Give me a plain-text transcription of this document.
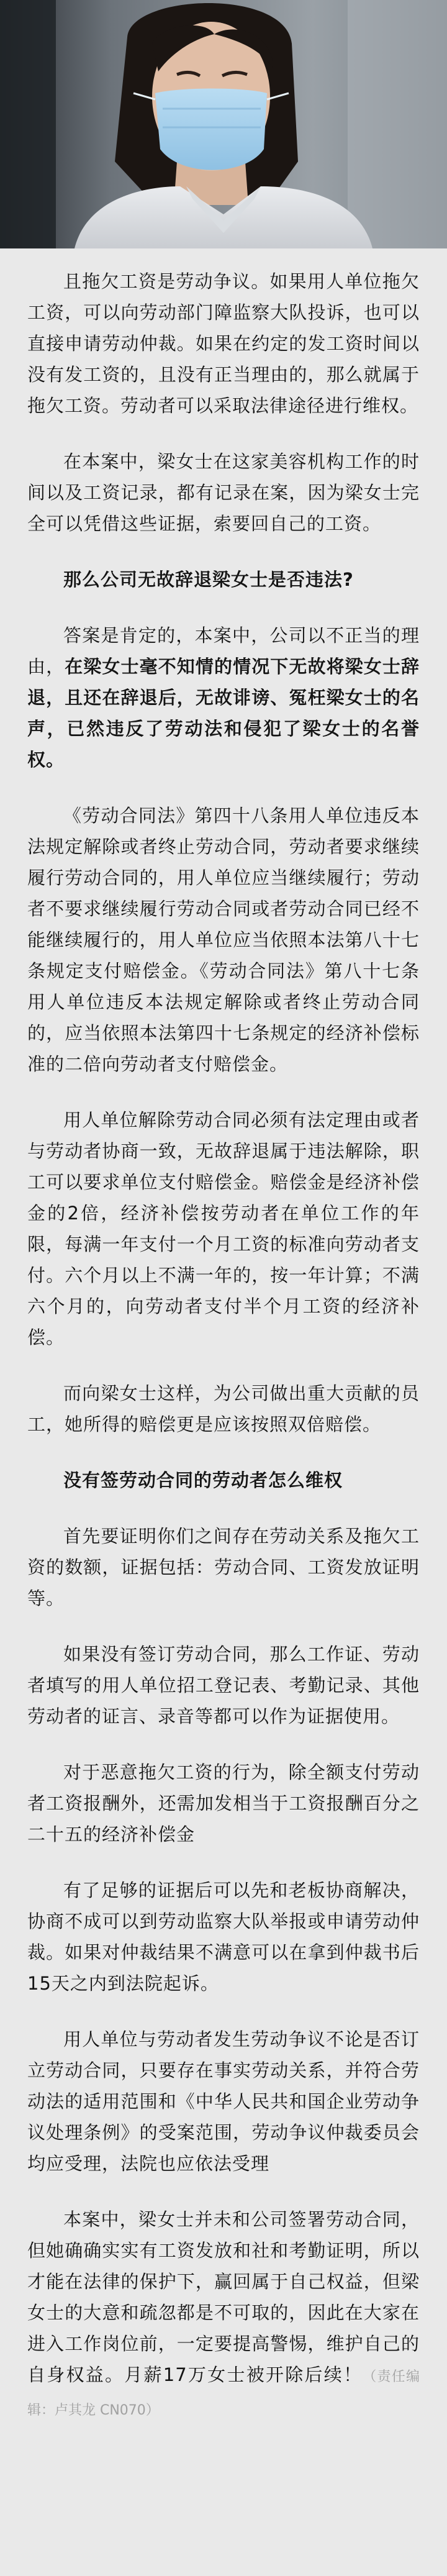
且拖欠工资是劳动争议。如果用人单位拖欠工资，可以向劳动部门障监察大队投诉，也可以直接申请劳动仲裁。如果在约定的发工资时间以没有发工资的，且没有正当理由的，那么就属于拖欠工资。劳动者可以采取法律途径进行维权。

在本案中，梁女士在这家美容机构工作的时间以及工资记录，都有记录在案，因为梁女士完全可以凭借这些证据，索要回自己的工资。

那么公司无故辞退梁女士是否违法?

答案是肯定的，本案中，公司以不正当的理由，在梁女士毫不知情的情况下无故将梁女士辞退，且还在辞退后，无故诽谤、冤枉梁女士的名声，已然违反了劳动法和侵犯了梁女士的名誉权。

《劳动合同法》第四十八条用人单位违反本法规定解除或者终止劳动合同，劳动者要求继续履行劳动合同的，用人单位应当继续履行；劳动者不要求继续履行劳动合同或者劳动合同已经不能继续履行的，用人单位应当依照本法第八十七条规定支付赔偿金。《劳动合同法》第八十七条用人单位违反本法规定解除或者终止劳动合同的，应当依照本法第四十七条规定的经济补偿标准的二倍向劳动者支付赔偿金。

用人单位解除劳动合同必须有法定理由或者与劳动者协商一致，无故辞退属于违法解除，职工可以要求单位支付赔偿金。赔偿金是经济补偿金的2倍，经济补偿按劳动者在单位工作的年限，每满一年支付一个月工资的标准向劳动者支付。六个月以上不满一年的，按一年计算；不满六个月的，向劳动者支付半个月工资的经济补偿。

而向梁女士这样，为公司做出重大贡献的员工，她所得的赔偿更是应该按照双倍赔偿。

没有签劳动合同的劳动者怎么维权

首先要证明你们之间存在劳动关系及拖欠工资的数额，证据包括：劳动合同、工资发放证明等。

如果没有签订劳动合同，那么工作证、劳动者填写的用人单位招工登记表、考勤记录、其他劳动者的证言、录音等都可以作为证据使用。

对于恶意拖欠工资的行为，除全额支付劳动者工资报酬外，还需加发相当于工资报酬百分之二十五的经济补偿金

有了足够的证据后可以先和老板协商解决，协商不成可以到劳动监察大队举报或申请劳动仲裁。如果对仲裁结果不满意可以在拿到仲裁书后15天之内到法院起诉。

用人单位与劳动者发生劳动争议不论是否订立劳动合同，只要存在事实劳动关系，并符合劳动法的适用范围和《中华人民共和国企业劳动争议处理条例》的受案范围，劳动争议仲裁委员会均应受理，法院也应依法受理

本案中，梁女士并未和公司签署劳动合同，但她确确实实有工资发放和社和考勤证明，所以才能在法律的保护下，赢回属于自己权益，但梁女士的大意和疏忽都是不可取的，因此在大家在进入工作岗位前，一定要提高警惕，维护自己的自身权益。月薪17万女士被开除后续！（责任编辑：卢其龙 CN070）
